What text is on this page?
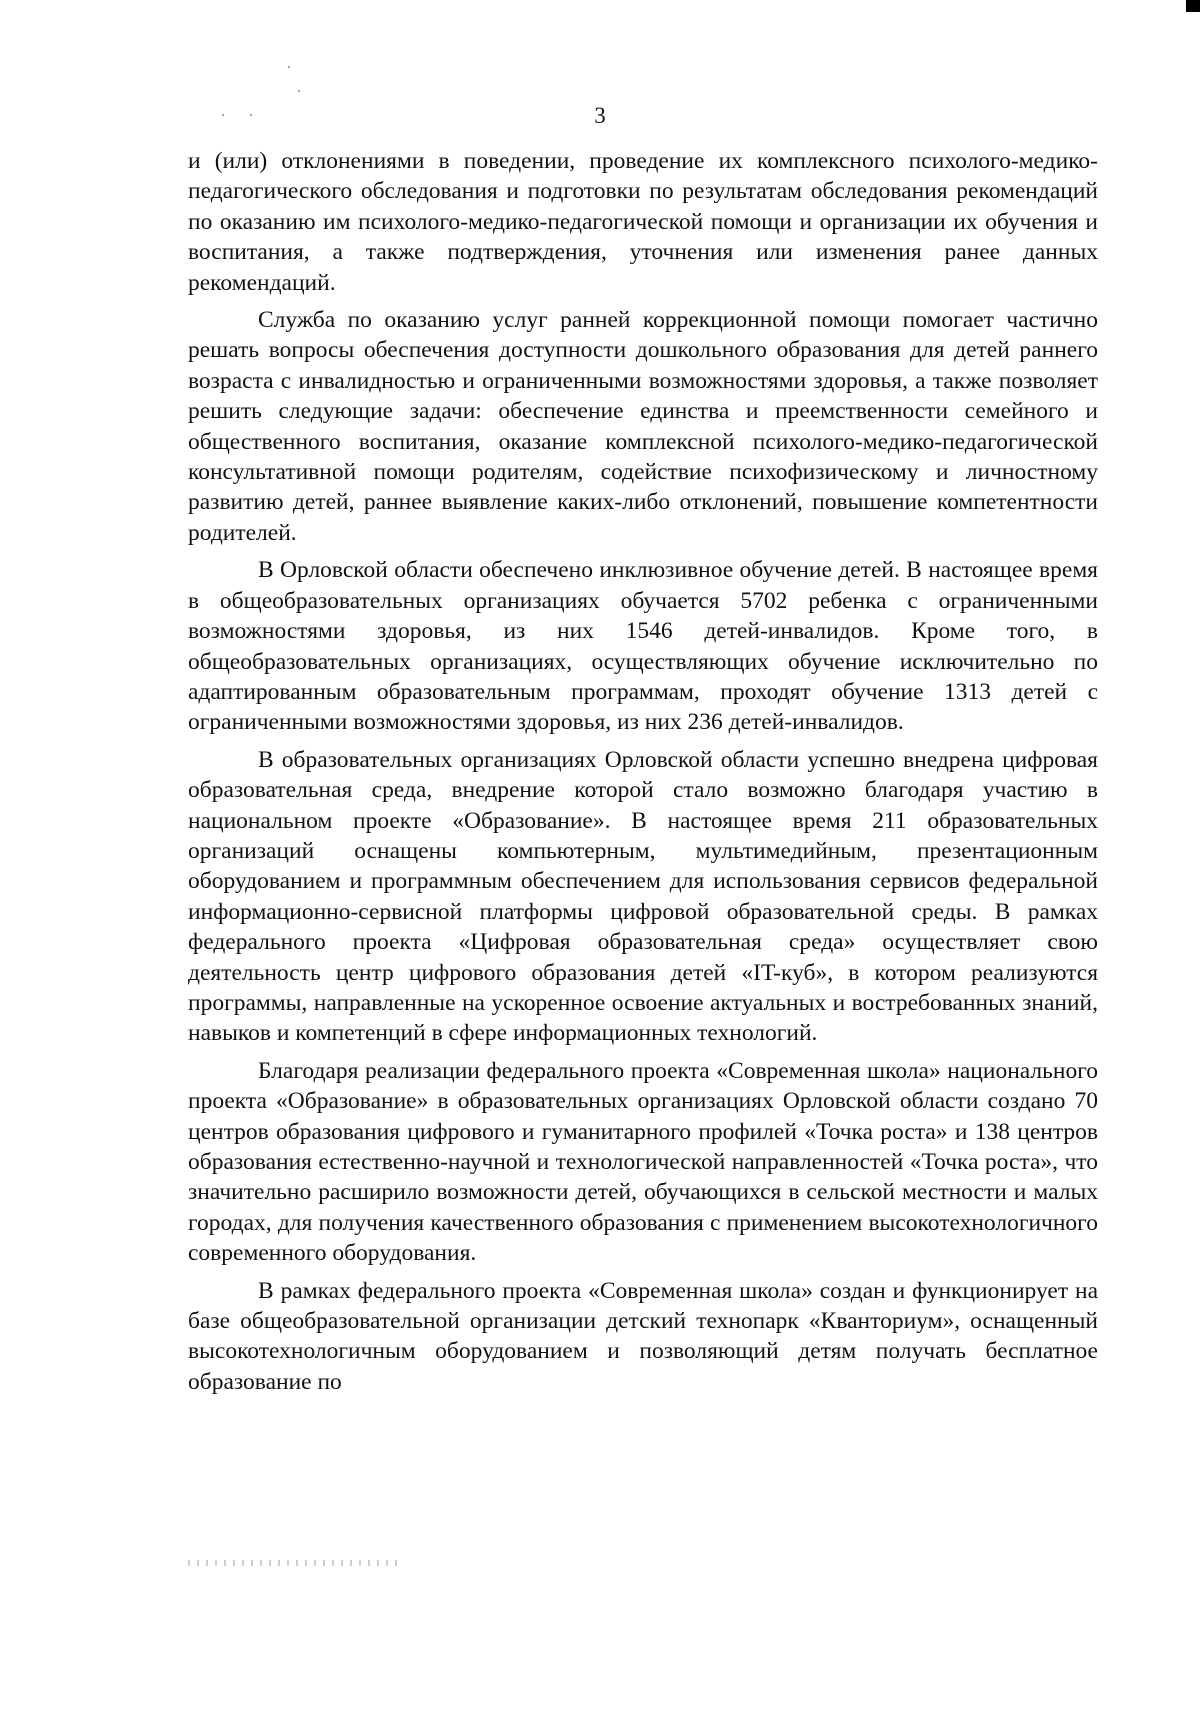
3

и (или) отклонениями в поведении, проведение их комплексного психолого-медико-педагогического обследования и подготовки по результатам обследования рекомендаций по оказанию им психолого-медико-педагогической помощи и организации их обучения и воспитания, а также подтверждения, уточнения или изменения ранее данных рекомендаций.

Служба по оказанию услуг ранней коррекционной помощи помогает частично решать вопросы обеспечения доступности дошкольного образования для детей раннего возраста с инвалидностью и ограниченными возможностями здоровья, а также позволяет решить следующие задачи: обеспечение единства и преемственности семейного и общественного воспитания, оказание комплексной психолого-медико-педагогической консультативной помощи родителям, содействие психофизическому и личностному развитию детей, раннее выявление каких-либо отклонений, повышение компетентности родителей.

В Орловской области обеспечено инклюзивное обучение детей. В настоящее время в общеобразовательных организациях обучается 5702 ребенка с ограниченными возможностями здоровья, из них 1546 детей-инвалидов. Кроме того, в общеобразовательных организациях, осуществляющих обучение исключительно по адаптированным образовательным программам, проходят обучение 1313 детей с ограниченными возможностями здоровья, из них 236 детей-инвалидов.

В образовательных организациях Орловской области успешно внедрена цифровая образовательная среда, внедрение которой стало возможно благодаря участию в национальном проекте «Образование». В настоящее время 211 образовательных организаций оснащены компьютерным, мультимедийным, презентационным оборудованием и программным обеспечением для использования сервисов федеральной информационно-сервисной платформы цифровой образовательной среды. В рамках федерального проекта «Цифровая образовательная среда» осуществляет свою деятельность центр цифрового образования детей «IT-куб», в котором реализуются программы, направленные на ускоренное освоение актуальных и востребованных знаний, навыков и компетенций в сфере информационных технологий.

Благодаря реализации федерального проекта «Современная школа» национального проекта «Образование» в образовательных организациях Орловской области создано 70 центров образования цифрового и гуманитарного профилей «Точка роста» и 138 центров образования естественно-научной и технологической направленностей «Точка роста», что значительно расширило возможности детей, обучающихся в сельской местности и малых городах, для получения качественного образования с применением высокотехнологичного современного оборудования.

В рамках федерального проекта «Современная школа» создан и функционирует на базе общеобразовательной организации детский технопарк «Кванториум», оснащенный высокотехнологичным оборудованием и позволяющий детям получать бесплатное образование по
